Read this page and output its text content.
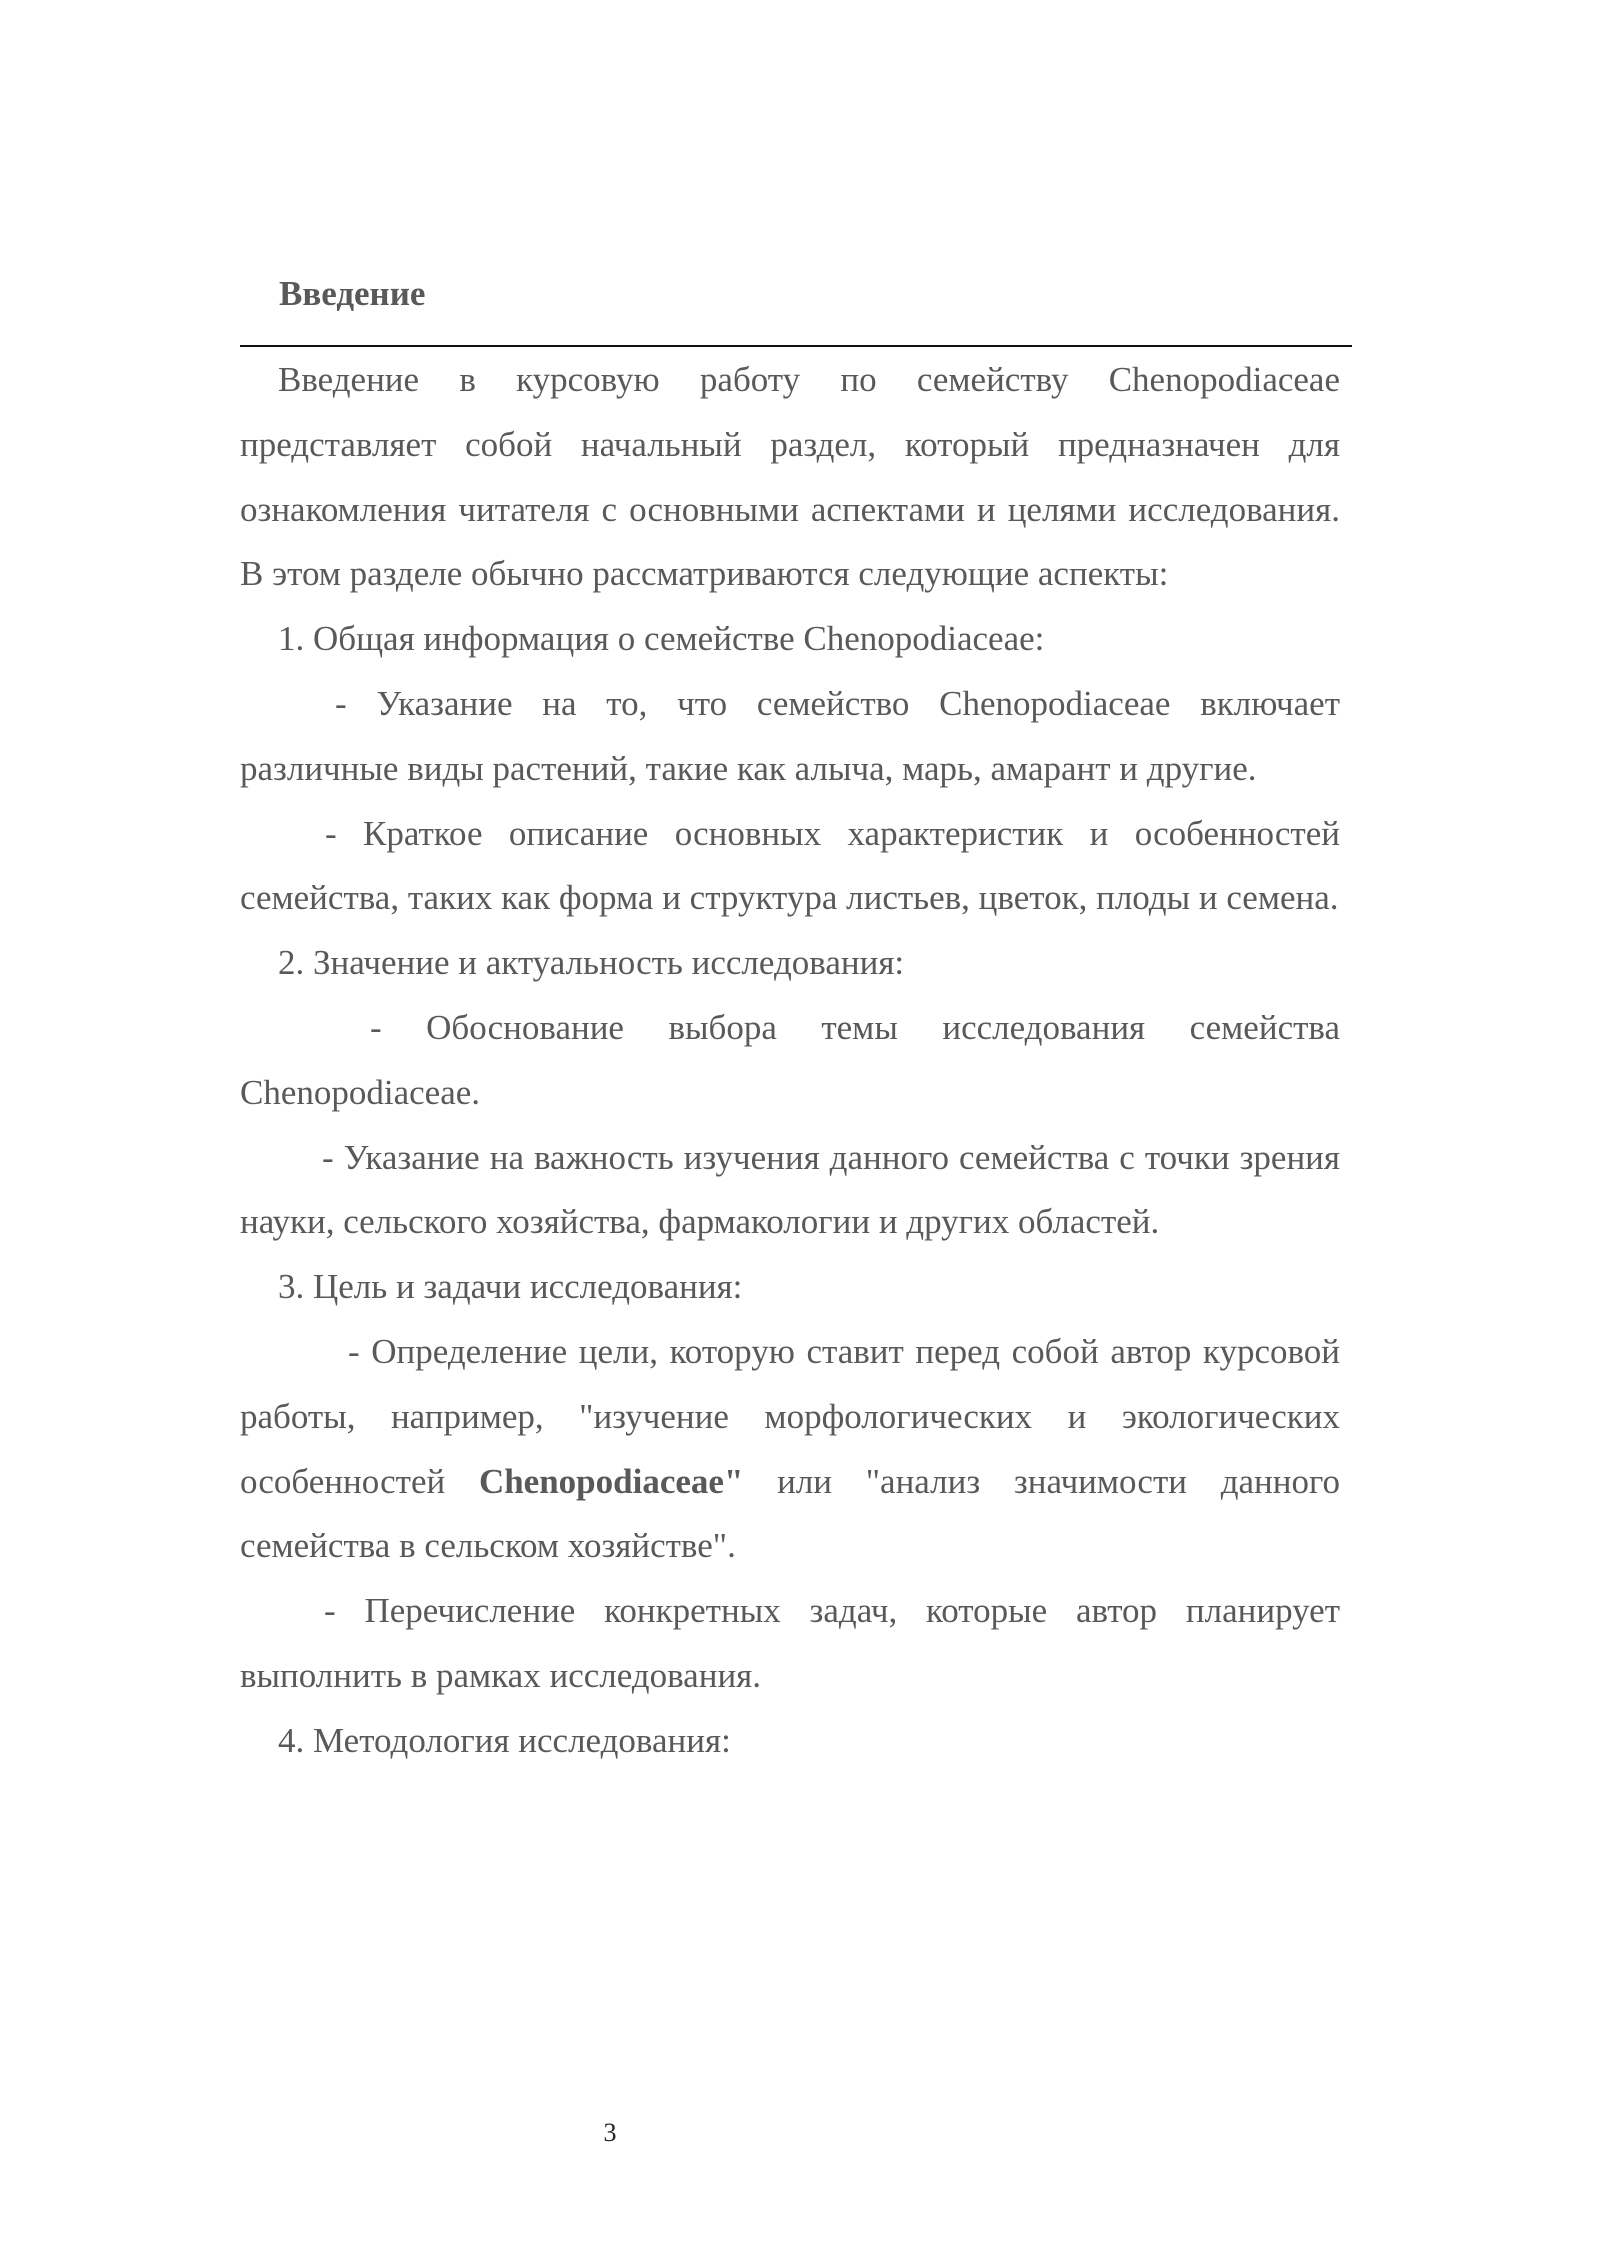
Введение

Введение в курсовую работу по семейству Chenopodiaceae представляет собой начальный раздел, который предназначен для ознакомления читателя с основными аспектами и целями исследования. В этом разделе обычно рассматриваются следующие аспекты:

1. Общая информация о семействе Chenopodiaceae:

- Указание на то, что семейство Chenopodiaceae включает различные виды растений, такие как алыча, марь, амарант и другие.

- Краткое описание основных характеристик и особенностей семейства, таких как форма и структура листьев, цветок, плоды и семена.

2. Значение и актуальность исследования:

- Обоснование выбора темы исследования семейства Chenopodiaceae.

- Указание на важность изучения данного семейства с точки зрения науки, сельского хозяйства, фармакологии и других областей.

3. Цель и задачи исследования:

- Определение цели, которую ставит перед собой автор курсовой работы, например, "изучение морфологических и экологических особенностей Chenopodiaceae" или "анализ значимости данного семейства в сельском хозяйстве".

- Перечисление конкретных задач, которые автор планирует выполнить в рамках исследования.

4. Методология исследования:

3
